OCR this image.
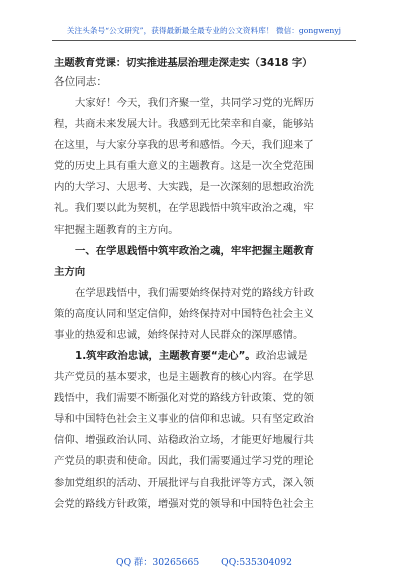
关注头条号“公文研究”，获得最新最全最专业的公文资料库！ 微信：gongwenyj
主题教育党课：切实推进基层治理走深走实（3418 字）
各位同志：
大家好！今天，我们齐聚一堂，共同学习党的光辉历
程，共商未来发展大计。我感到无比荣幸和自豪，能够站
在这里，与大家分享我的思考和感悟。今天，我们迎来了
党的历史上具有重大意义的主题教育。这是一次全党范围
内的大学习、大思考、大实践，是一次深刻的思想政治洗
礼。我们要以此为契机，在学思践悟中筑牢政治之魂，牢
牢把握主题教育的主方向。
一、在学思践悟中筑牢政治之魂，牢牢把握主题教育
主方向
在学思践悟中，我们需要始终保持对党的路线方针政
策的高度认同和坚定信仰，始终保持对中国特色社会主义
事业的热爱和忠诚，始终保持对人民群众的深厚感情。
1.筑牢政治忠诚，主题教育要“走心”。政治忠诚是
共产党员的基本要求，也是主题教育的核心内容。在学思
践悟中，我们需要不断强化对党的路线方针政策、党的领
导和中国特色社会主义事业的信仰和忠诚。只有坚定政治
信仰、增强政治认同、站稳政治立场，才能更好地履行共
产党员的职责和使命。因此，我们需要通过学习党的理论
参加党组织的活动、开展批评与自我批评等方式，深入领
会党的路线方针政策，增强对党的领导和中国特色社会主
QQ 群：30265665 QQ:535304092
